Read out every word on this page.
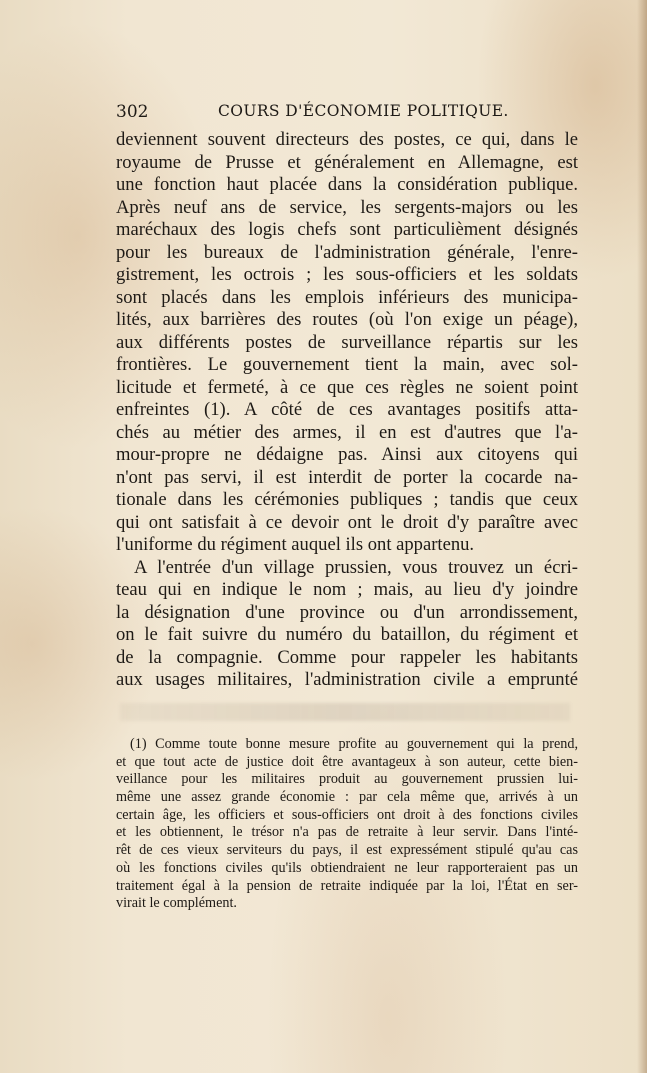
302	COURS D'ÉCONOMIE POLITIQUE.
deviennent souvent directeurs des postes, ce qui, dans le
royaume de Prusse et généralement en Allemagne, est
une fonction haut placée dans la considération publique.
Après neuf ans de service, les sergents-majors ou les
maréchaux des logis chefs sont particulièment désignés
pour les bureaux de l'administration générale, l'enre-
gistrement, les octrois ; les sous-officiers et les soldats
sont placés dans les emplois inférieurs des municipa-
lités, aux barrières des routes (où l'on exige un péage),
aux différents postes de surveillance répartis sur les
frontières. Le gouvernement tient la main, avec sol-
licitude et fermeté, à ce que ces règles ne soient point
enfreintes (1). A côté de ces avantages positifs atta-
chés au métier des armes, il en est d'autres que l'a-
mour-propre ne dédaigne pas. Ainsi aux citoyens qui
n'ont pas servi, il est interdit de porter la cocarde na-
tionale dans les cérémonies publiques ; tandis que ceux
qui ont satisfait à ce devoir ont le droit d'y paraître avec
l'uniforme du régiment auquel ils ont appartenu.
A l'entrée d'un village prussien, vous trouvez un écri-
teau qui en indique le nom ; mais, au lieu d'y joindre
la désignation d'une province ou d'un arrondissement,
on le fait suivre du numéro du bataillon, du régiment et
de la compagnie. Comme pour rappeler les habitants
aux usages militaires, l'administration civile a emprunté
(1) Comme toute bonne mesure profite au gouvernement qui la prend,
et que tout acte de justice doit être avantageux à son auteur, cette bien-
veillance pour les militaires produit au gouvernement prussien lui-
même une assez grande économie : par cela même que, arrivés à un
certain âge, les officiers et sous-officiers ont droit à des fonctions civiles
et les obtiennent, le trésor n'a pas de retraite à leur servir. Dans l'inté-
rêt de ces vieux serviteurs du pays, il est expressément stipulé qu'au cas
où les fonctions civiles qu'ils obtiendraient ne leur rapporteraient pas un
traitement égal à la pension de retraite indiquée par la loi, l'État en ser-
virait le complément.
